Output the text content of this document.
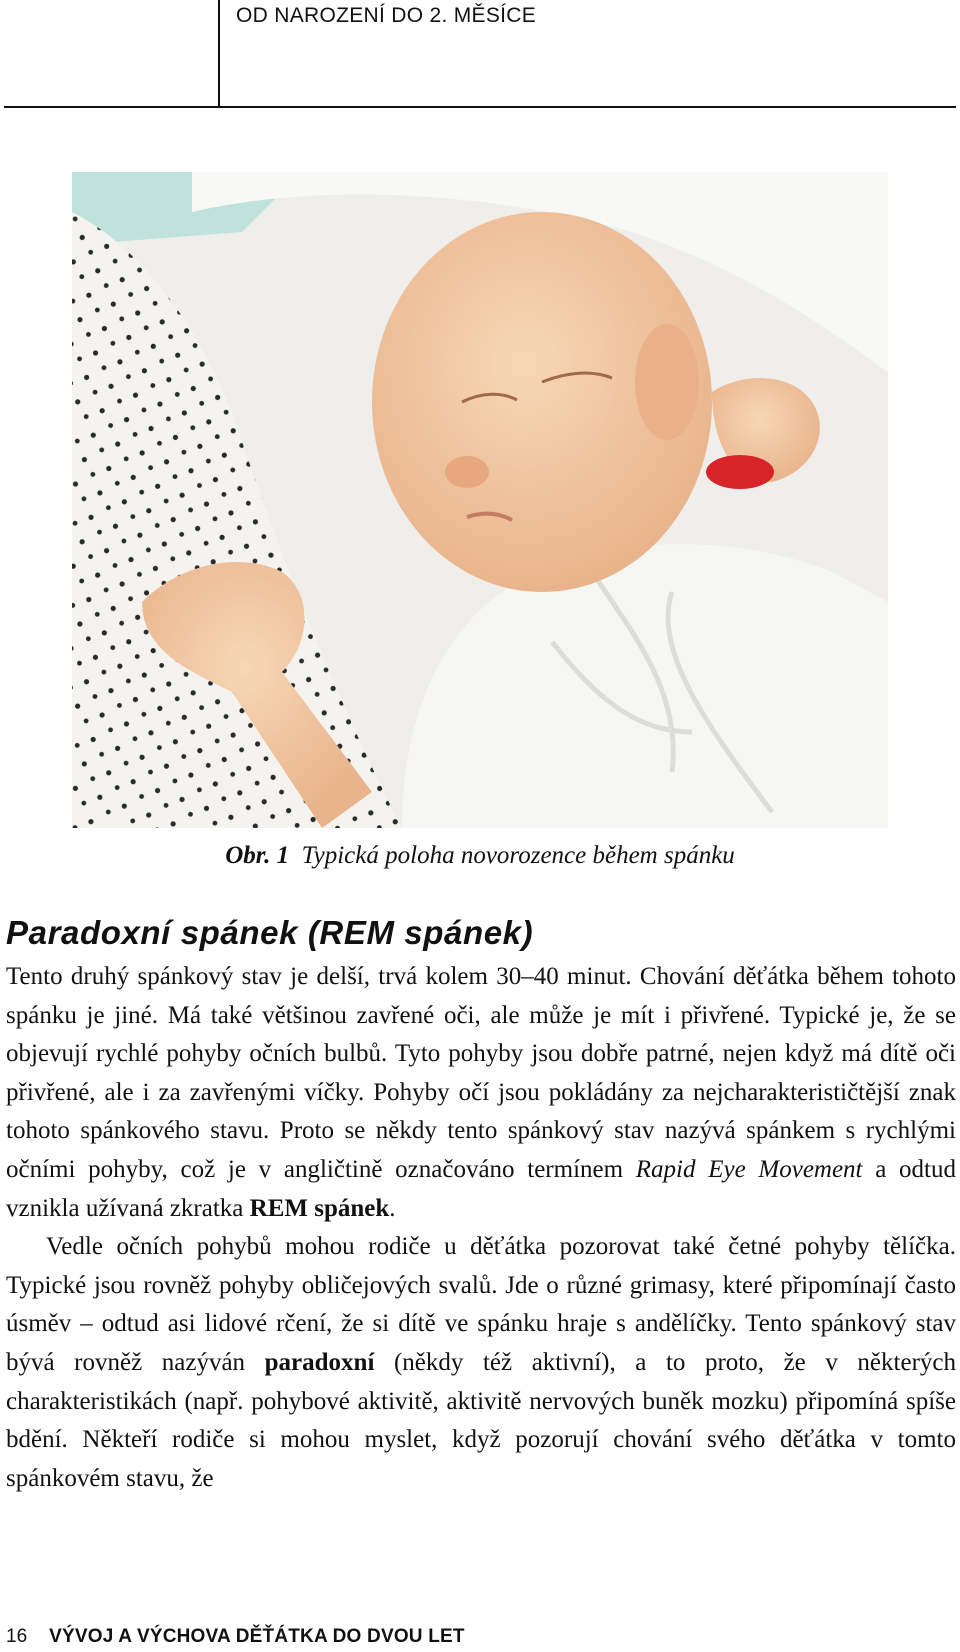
OD NAROZENÍ DO 2. MĚSÍCE
Obr. 1 Typická poloha novorozence během spánku
Paradoxní spánek (REM spánek)

Tento druhý spánkový stav je delší, trvá kolem 30–40 minut. Chování děťátka během tohoto spánku je jiné. Má také většinou zavřené oči, ale může je mít i přivřené. Typické je, že se objevují rychlé pohyby očních bulbů. Tyto pohyby jsou dobře patrné, nejen když má dítě oči přivřené, ale i za zavřenými víčky. Pohyby očí jsou pokládány za nejcharakterističtější znak tohoto spánkového stavu. Proto se někdy tento spánkový stav nazývá spánkem s rychlými očními pohyby, což je v angličtině označováno termínem Rapid Eye Movement a odtud vznikla užívaná zkratka REM spánek.

Vedle očních pohybů mohou rodiče u děťátka pozorovat také četné pohyby tělíčka. Typické jsou rovněž pohyby obličejových svalů. Jde o různé grimasy, které připomínají často úsměv – odtud asi lidové rčení, že si dítě ve spánku hraje s andělíčky. Tento spánkový stav bývá rovněž nazýván paradoxní (někdy též aktivní), a to proto, že v některých charakteristikách (např. pohybové aktivitě, aktivitě nervových buněk mozku) připomíná spíše bdění. Někteří rodiče si mohou myslet, když pozorují chování svého děťátka v tomto spánkovém stavu, že

16 VÝVOJ A VÝCHOVA DĚŤÁTKA DO DVOU LET
